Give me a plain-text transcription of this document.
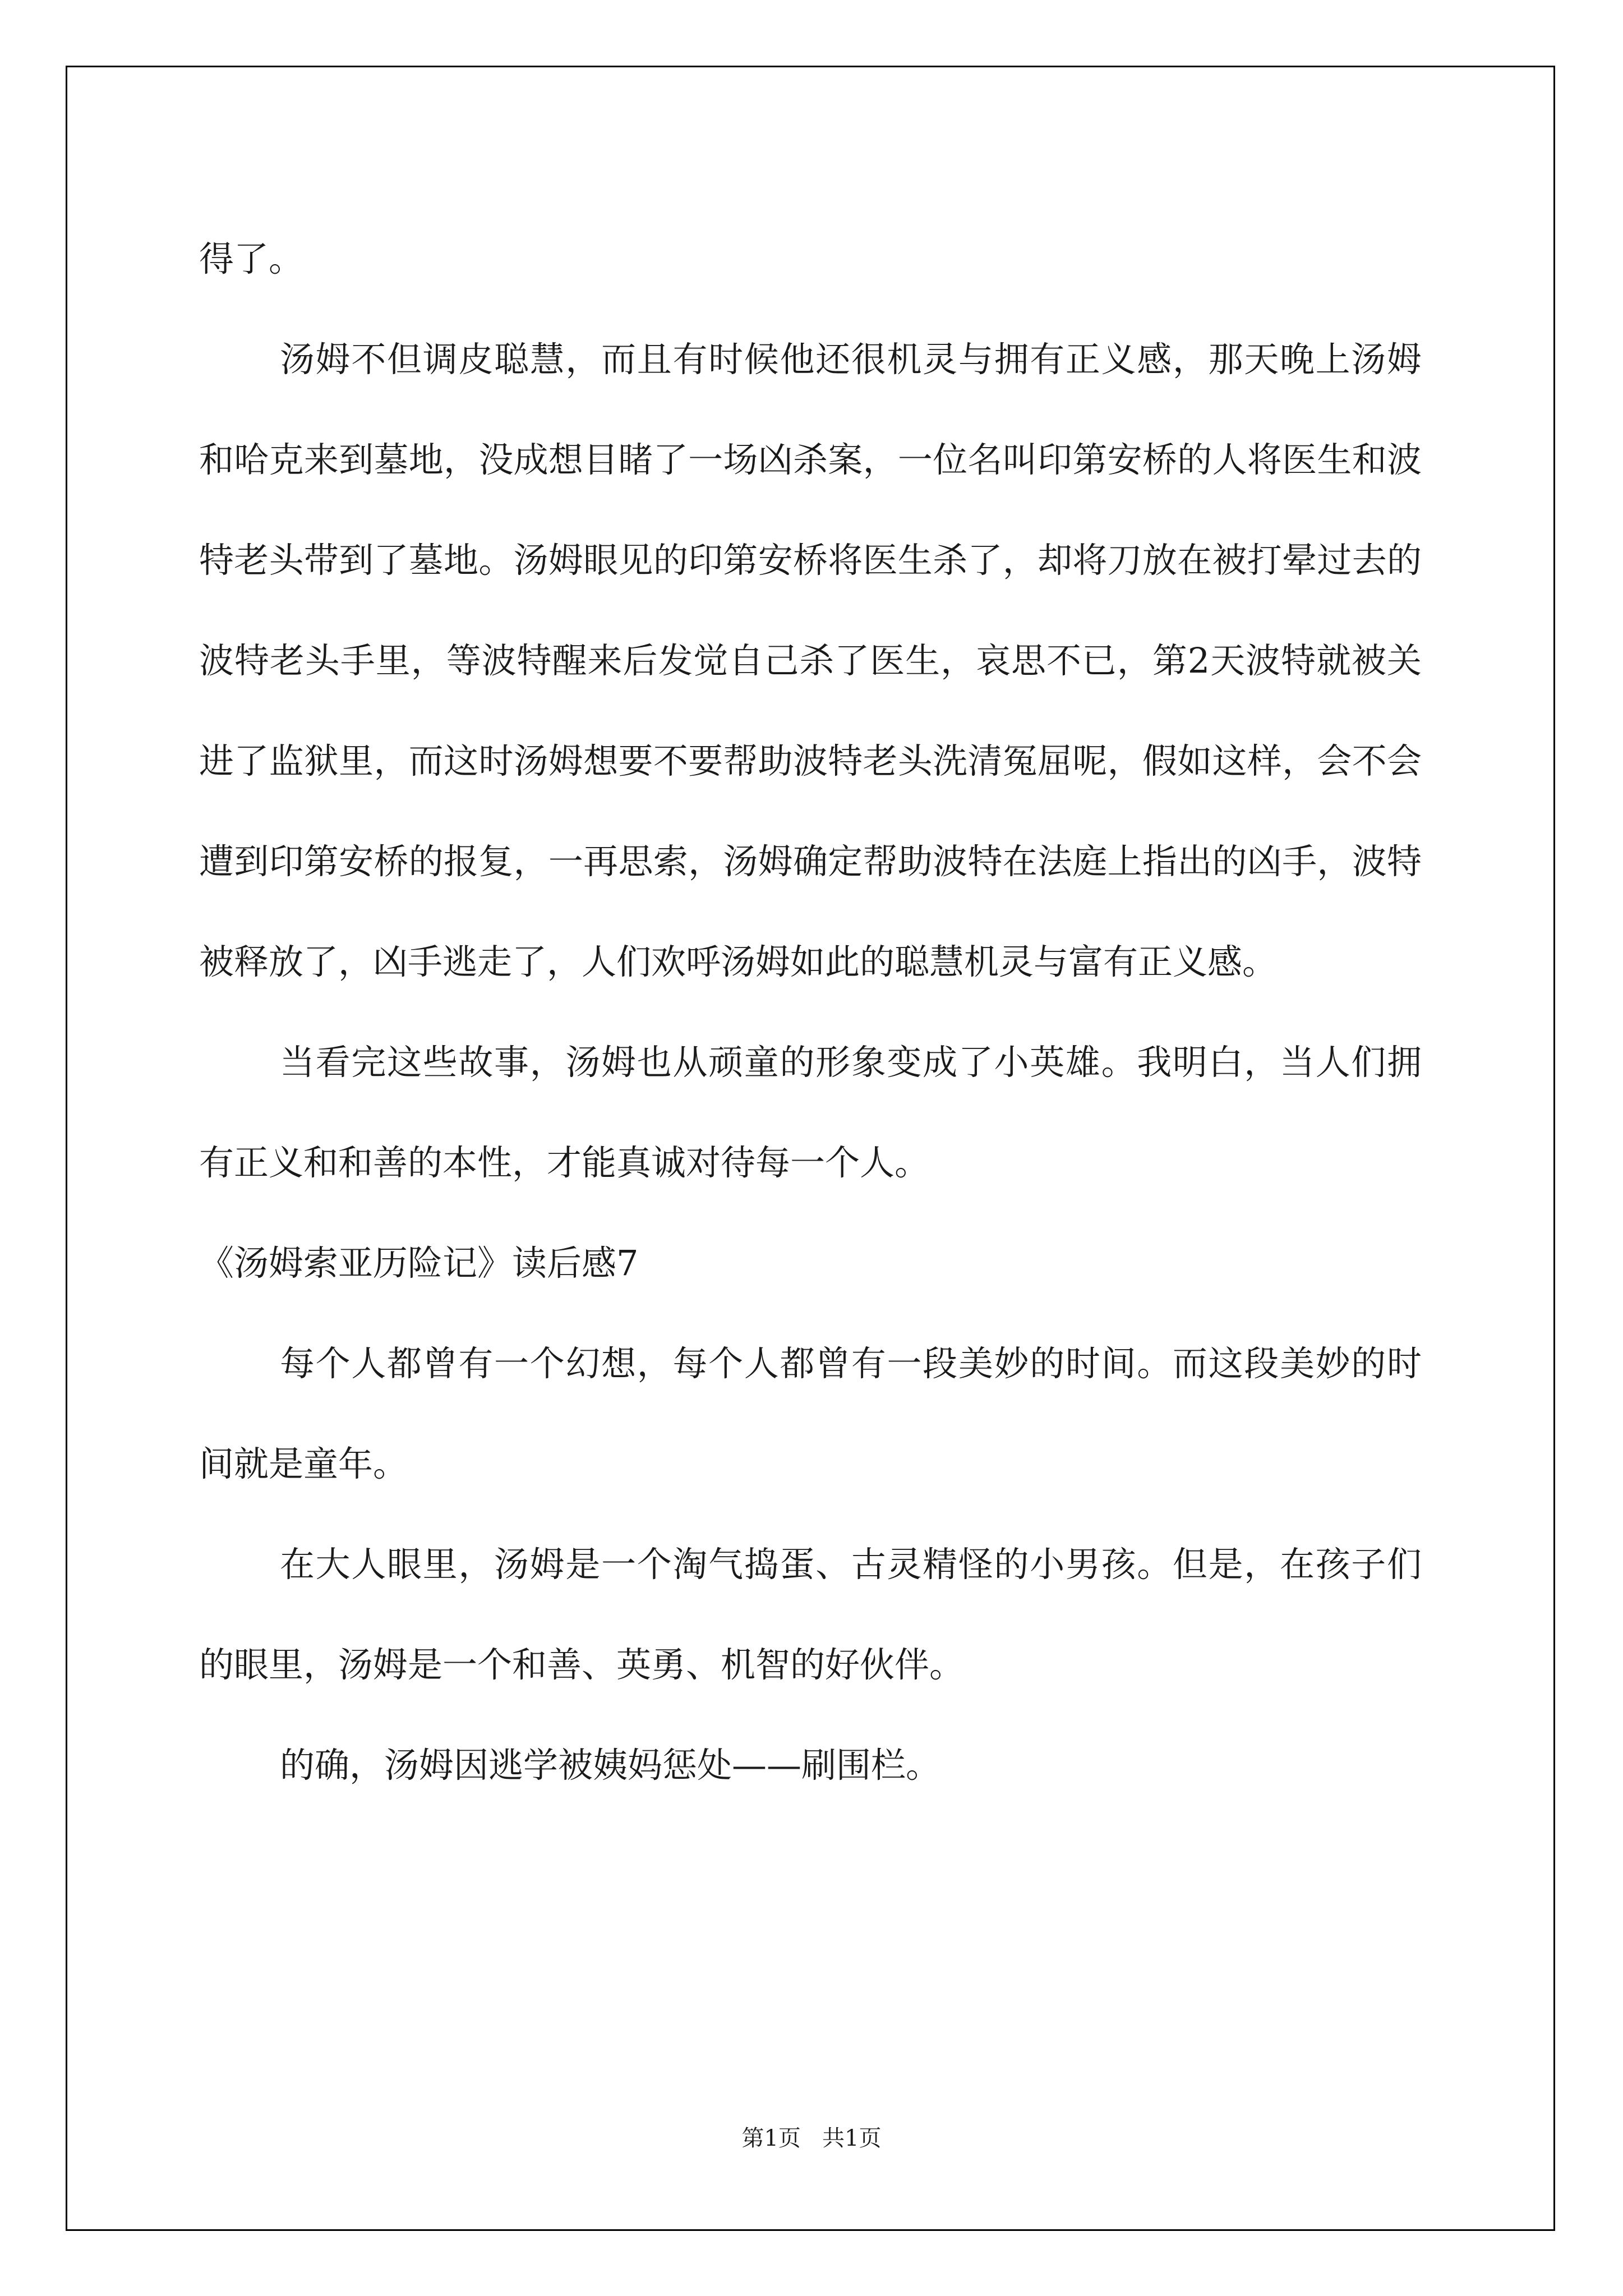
得了。

汤姆不但调皮聪慧，而且有时候他还很机灵与拥有正义感，那天晚上汤姆和哈克来到墓地，没成想目睹了一场凶杀案，一位名叫印第安桥的人将医生和波特老头带到了墓地。汤姆眼见的印第安桥将医生杀了，却将刀放在被打晕过去的波特老头手里，等波特醒来后发觉自己杀了医生，哀思不已，第2天波特就被关进了监狱里，而这时汤姆想要不要帮助波特老头洗清冤屈呢，假如这样，会不会遭到印第安桥的报复，一再思索，汤姆确定帮助波特在法庭上指出的凶手，波特被释放了，凶手逃走了，人们欢呼汤姆如此的聪慧机灵与富有正义感。

当看完这些故事，汤姆也从顽童的形象变成了小英雄。我明白，当人们拥有正义和和善的本性，才能真诚对待每一个人。

《汤姆索亚历险记》读后感7

每个人都曾有一个幻想，每个人都曾有一段美妙的时间。而这段美妙的时间就是童年。

在大人眼里，汤姆是一个淘气捣蛋、古灵精怪的小男孩。但是，在孩子们的眼里，汤姆是一个和善、英勇、机智的好伙伴。

的确，汤姆因逃学被姨妈惩处——刷围栏。

第1页   共1页
